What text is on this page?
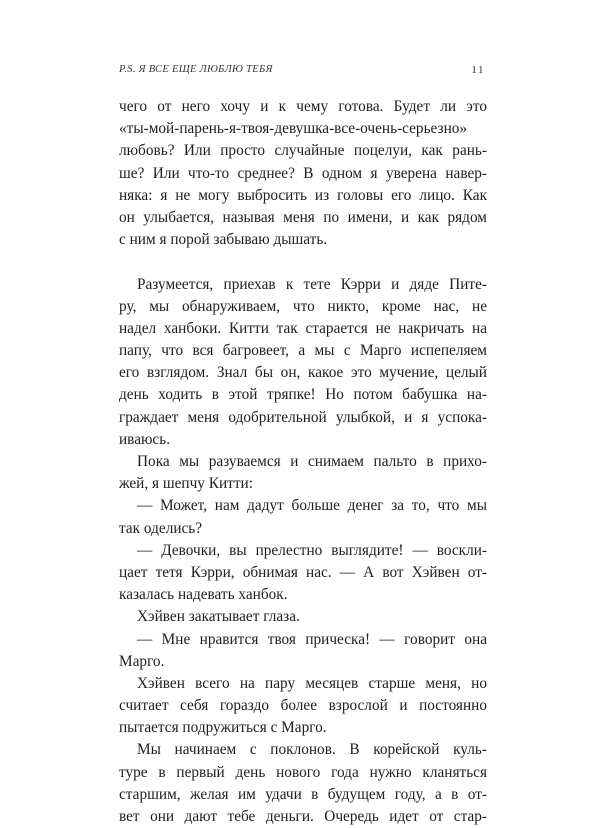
P.S. Я ВСЕ ЕЩЕ ЛЮБЛЮ ТЕБЯ	11
чего от него хочу и к чему готова. Будет ли это
«ты-мой-парень-я-твоя-девушка-все-очень-серьезно»
любовь? Или просто случайные поцелуи, как рань-
ше? Или что-то среднее? В одном я уверена навер-
няка: я не могу выбросить из головы его лицо. Как
он улыбается, называя меня по имени, и как рядом
с ним я порой забываю дышать.
Разумеется, приехав к тете Кэрри и дяде Пите-
ру, мы обнаруживаем, что никто, кроме нас, не
надел ханбоки. Китти так старается не накричать на
папу, что вся багровеет, а мы с Марго испепеляем
его взглядом. Знал бы он, какое это мучение, целый
день ходить в этой тряпке! Но потом бабушка на-
граждает меня одобрительной улыбкой, и я успока-
иваюсь.
Пока мы разуваемся и снимаем пальто в прихо-
жей, я шепчу Китти:
— Может, нам дадут больше денег за то, что мы
так оделись?
— Девочки, вы прелестно выглядите! — воскли-
цает тетя Кэрри, обнимая нас. — А вот Хэйвен от-
казалась надевать ханбок.
Хэйвен закатывает глаза.
— Мне нравится твоя прическа! — говорит она
Марго.
Хэйвен всего на пару месяцев старше меня, но
считает себя гораздо более взрослой и постоянно
пытается подружиться с Марго.
Мы начинаем с поклонов. В корейской куль-
туре в первый день нового года нужно кланяться
старшим, желая им удачи в будущем году, а в от-
вет они дают тебе деньги. Очередь идет от стар-
